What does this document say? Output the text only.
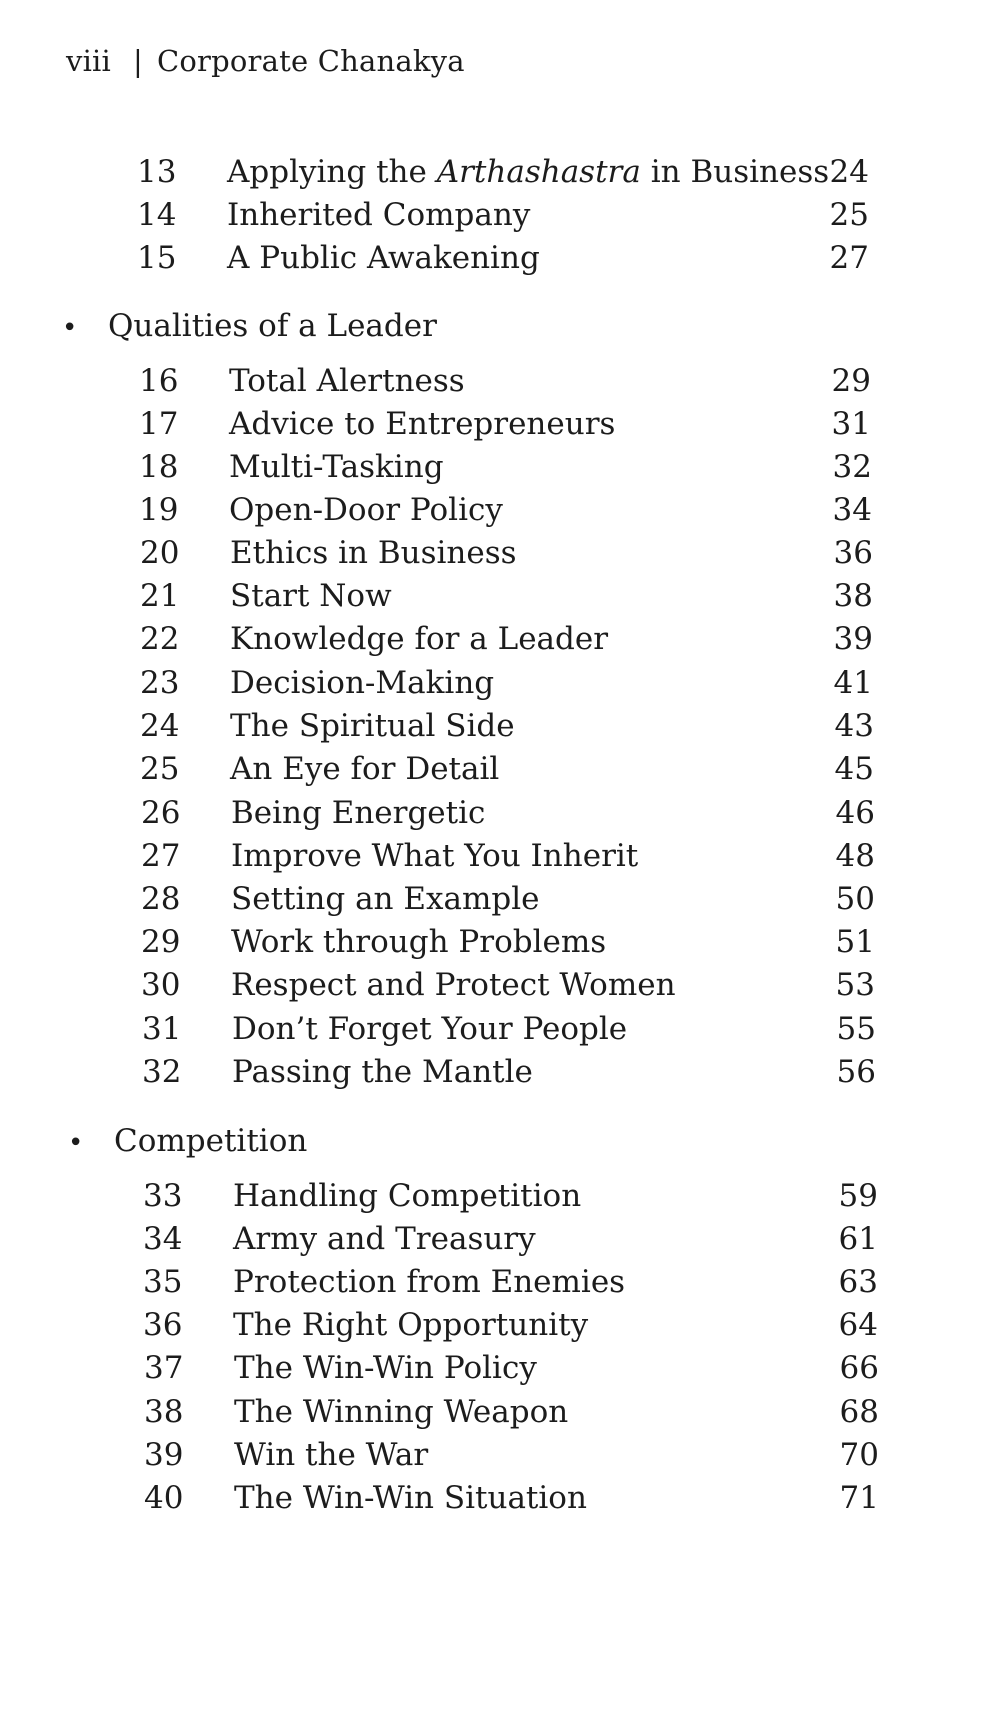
viii | Corporate Chanakya
13 Applying the Arthashastra in Business 24
14 Inherited Company	25
15 A Public Awakening	27
• Qualities of a Leader
16 Total Alertness	29
17 Advice to Entrepreneurs	31
18 Multi-Tasking	32
19 Open-Door Policy	34
20 Ethics in Business	36
21 Start Now	38
22 Knowledge for a Leader	39
23 Decision-Making	41
24 The Spiritual Side	43
25 An Eye for Detail	45
26 Being Energetic	46
27 Improve What You Inherit	48
28 Setting an Example	50
29 Work through Problems	51
30 Respect and Protect Women	53
31 Don’t Forget Your People	55
32 Passing the Mantle	56
• Competition
33 Handling Competition	59
34 Army and Treasury	61
35 Protection from Enemies	63
36 The Right Opportunity	64
37 The Win-Win Policy	66
38 The Winning Weapon	68
39 Win the War	70
40 The Win-Win Situation	71
